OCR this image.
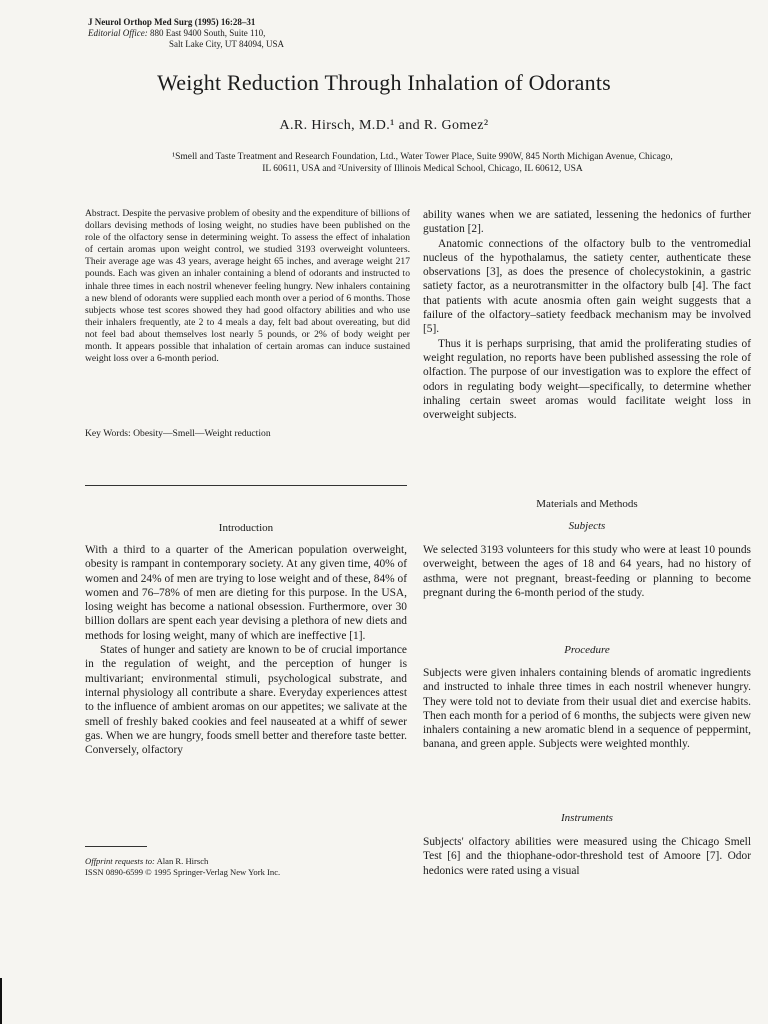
J Neurol Orthop Med Surg (1995) 16:28–31
Editorial Office: 880 East 9400 South, Suite 110,
Salt Lake City, UT 84094, USA
Weight Reduction Through Inhalation of Odorants
A.R. Hirsch, M.D.¹ and R. Gomez²
¹Smell and Taste Treatment and Research Foundation, Ltd., Water Tower Place, Suite 990W, 845 North Michigan Avenue, Chicago, IL 60611, USA and ²University of Illinois Medical School, Chicago, IL 60612, USA
Abstract. Despite the pervasive problem of obesity and the expenditure of billions of dollars devising methods of losing weight, no studies have been published on the role of the olfactory sense in determining weight. To assess the effect of inhalation of certain aromas upon weight control, we studied 3193 overweight volunteers. Their average age was 43 years, average height 65 inches, and average weight 217 pounds. Each was given an inhaler containing a blend of odorants and instructed to inhale three times in each nostril whenever feeling hungry. New inhalers containing a new blend of odorants were supplied each month over a period of 6 months. Those subjects whose test scores showed they had good olfactory abilities and who use their inhalers frequently, ate 2 to 4 meals a day, felt bad about overeating, but did not feel bad about themselves lost nearly 5 pounds, or 2% of body weight per month. It appears possible that inhalation of certain aromas can induce sustained weight loss over a 6-month period.
Key Words: Obesity—Smell—Weight reduction
Introduction

With a third to a quarter of the American population overweight, obesity is rampant in contemporary society. At any given time, 40% of women and 24% of men are trying to lose weight and of these, 84% of women and 76–78% of men are dieting for this purpose. In the USA, losing weight has become a national obsession. Furthermore, over 30 billion dollars are spent each year devising a plethora of new diets and methods for losing weight, many of which are ineffective [1].

States of hunger and satiety are known to be of crucial importance in the regulation of weight, and the perception of hunger is multivariant; environmental stimuli, psychological substrate, and internal physiology all contribute a share. Everyday experiences attest to the influence of ambient aromas on our appetites; we salivate at the smell of freshly baked cookies and feel nauseated at a whiff of sewer gas. When we are hungry, foods smell better and therefore taste better. Conversely, olfactory

ability wanes when we are satiated, lessening the hedonics of further gustation [2].

Anatomic connections of the olfactory bulb to the ventromedial nucleus of the hypothalamus, the satiety center, authenticate these observations [3], as does the presence of cholecystokinin, a gastric satiety factor, as a neurotransmitter in the olfactory bulb [4]. The fact that patients with acute anosmia often gain weight suggests that a failure of the olfactory–satiety feedback mechanism may be involved [5].

Thus it is perhaps surprising, that amid the proliferating studies of weight regulation, no reports have been published assessing the role of olfaction. The purpose of our investigation was to explore the effect of odors in regulating body weight—specifically, to determine whether inhaling certain sweet aromas would facilitate weight loss in overweight subjects.

Materials and Methods
Subjects

We selected 3193 volunteers for this study who were at least 10 pounds overweight, between the ages of 18 and 64 years, had no history of asthma, were not pregnant, breast-feeding or planning to become pregnant during the 6-month period of the study.

Procedure

Subjects were given inhalers containing blends of aromatic ingredients and instructed to inhale three times in each nostril whenever hungry. They were told not to deviate from their usual diet and exercise habits. Then each month for a period of 6 months, the subjects were given new inhalers containing a new aromatic blend in a sequence of peppermint, banana, and green apple. Subjects were weighted monthly.

Instruments

Subjects' olfactory abilities were measured using the Chicago Smell Test [6] and the thiophane-odor-threshold test of Amoore [7]. Odor hedonics were rated using a visual

Offprint requests to: Alan R. Hirsch
ISSN 0890-6599 © 1995 Springer-Verlag New York Inc.
